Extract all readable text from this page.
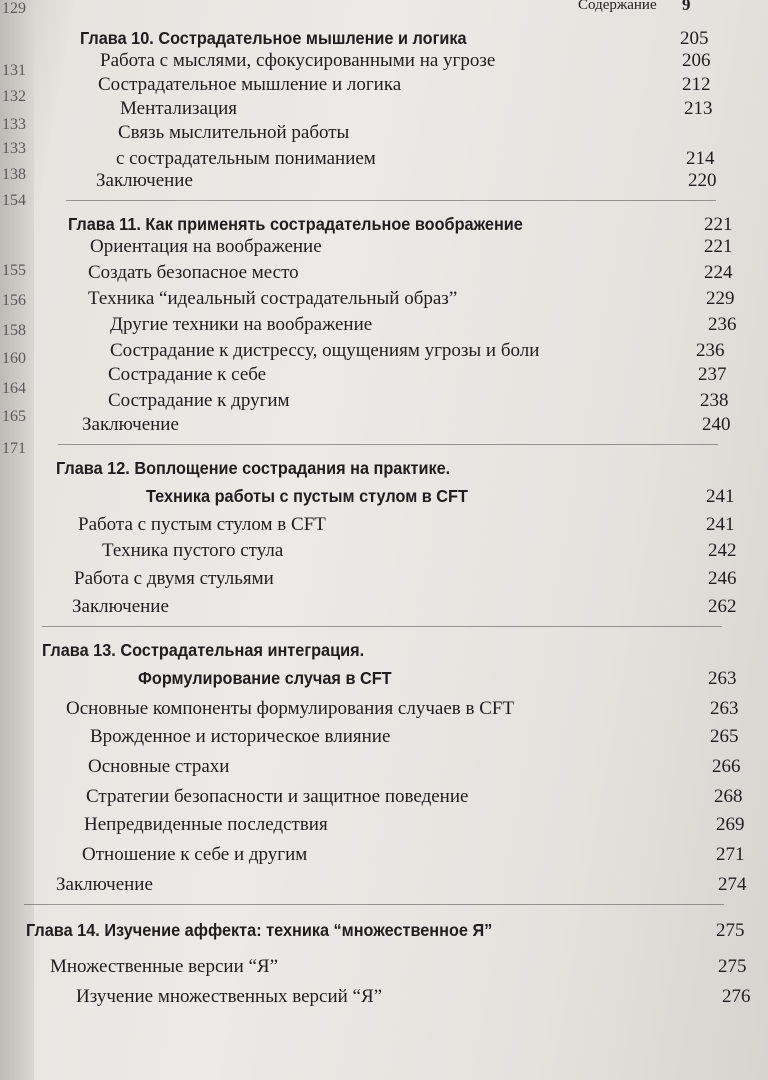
129
131
132
133
133
138
154
155
156
158
160
164
165
171
Содержание 9
Глава 10. Сострадательное мышление и логика	205
Работа с мыслями, сфокусированными на угрозе	206
Сострадательное мышление и логика	212
Ментализация	213
Связь мыслительной работы
с сострадательным пониманием	214
Заключение	220
Глава 11. Как применять сострадательное воображение	221
Ориентация на воображение	221
Создать безопасное место	224
Техника “идеальный сострадательный образ”	229
Другие техники на воображение	236
Сострадание к дистрессу, ощущениям угрозы и боли	236
Сострадание к себе	237
Сострадание к другим	238
Заключение	240
Глава 12. Воплощение сострадания на практике.
Техника работы с пустым стулом в CFT	241
Работа с пустым стулом в CFT	241
Техника пустого стула	242
Работа с двумя стульями	246
Заключение	262
Глава 13. Сострадательная интеграция.
Формулирование случая в CFT	263
Основные компоненты формулирования случаев в CFT	263
Врожденное и историческое влияние	265
Основные страхи	266
Стратегии безопасности и защитное поведение	268
Непредвиденные последствия	269
Отношение к себе и другим	271
Заключение	274
Глава 14. Изучение аффекта: техника “множественное Я”	275
Множественные версии “Я”	275
Изучение множественных версий “Я”	276
